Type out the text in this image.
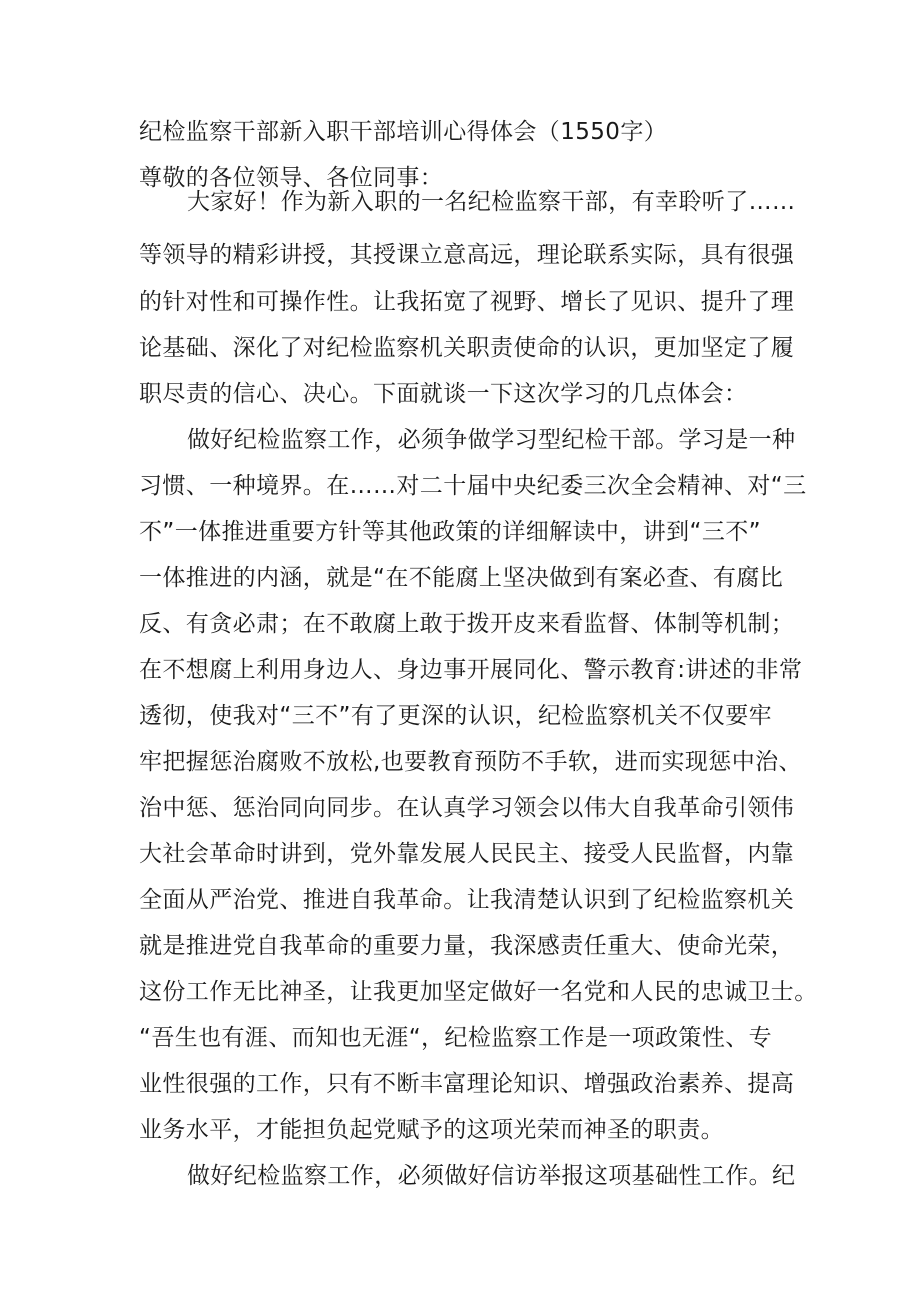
纪检监察干部新入职干部培训心得体会（1550字）
尊敬的各位领导、各位同事：
大家好！作为新入职的一名纪检监察干部，有幸聆听了……
等领导的精彩讲授，其授课立意高远，理论联系实际，具有很强
的针对性和可操作性。让我拓宽了视野、增长了见识、提升了理
论基础、深化了对纪检监察机关职责使命的认识，更加坚定了履
职尽责的信心、决心。下面就谈一下这次学习的几点体会：
做好纪检监察工作，必须争做学习型纪检干部。学习是一种
习惯、一种境界。在……对二十届中央纪委三次全会精神、对“三
不”一体推进重要方针等其他政策的详细解读中，讲到“三不”
一体推进的内涵，就是“在不能腐上坚决做到有案必查、有腐比
反、有贪必肃；在不敢腐上敢于拨开皮来看监督、体制等机制；
在不想腐上利用身边人、身边事开展同化、警示教育:讲述的非常
透彻，使我对“三不”有了更深的认识，纪检监察机关不仅要牢
牢把握惩治腐败不放松,也要教育预防不手软，进而实现惩中治、
治中惩、惩治同向同步。在认真学习领会以伟大自我革命引领伟
大社会革命时讲到，党外靠发展人民民主、接受人民监督，内靠
全面从严治党、推进自我革命。让我清楚认识到了纪检监察机关
就是推进党自我革命的重要力量，我深感责任重大、使命光荣，
这份工作无比神圣，让我更加坚定做好一名党和人民的忠诚卫士。
“吾生也有涯、而知也无涯“，纪检监察工作是一项政策性、专
业性很强的工作，只有不断丰富理论知识、增强政治素养、提高
业务水平，才能担负起党赋予的这项光荣而神圣的职责。
做好纪检监察工作，必须做好信访举报这项基础性工作。纪
